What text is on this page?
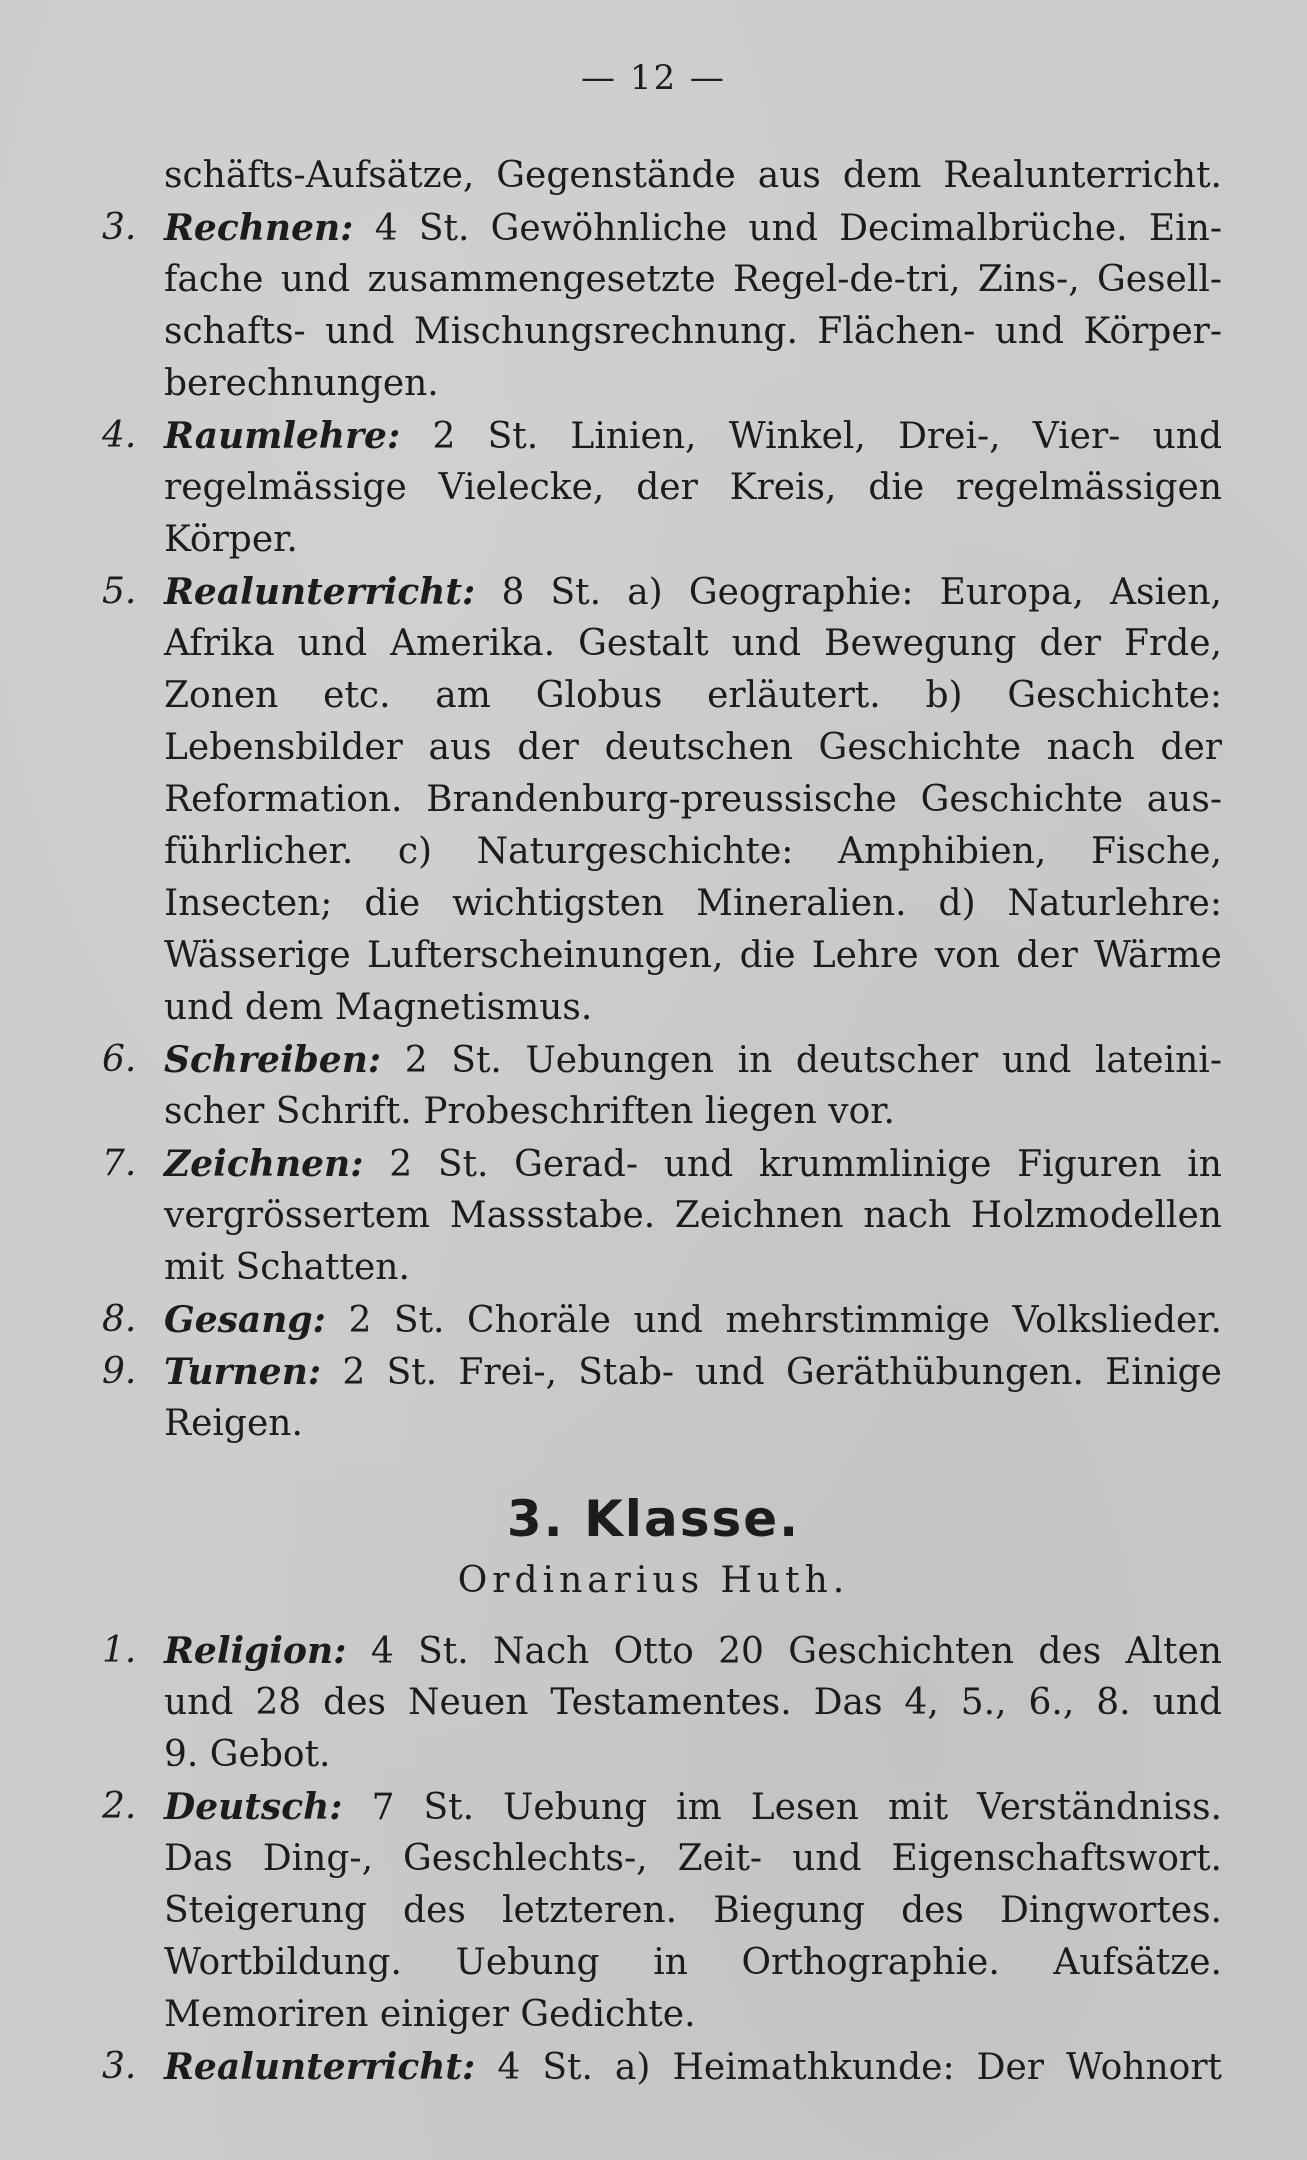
— 12 —
schäfts-Aufsätze, Gegenstände aus dem Realunterricht.
3. Rechnen: 4 St. Gewöhnliche und Decimalbrüche. Ein-
fache und zusammengesetzte Regel-de-tri, Zins-, Gesell-
schafts- und Mischungsrechnung. Flächen- und Körper-
berechnungen.
4. Raumlehre: 2 St. Linien, Winkel, Drei-, Vier- und
regelmässige Vielecke, der Kreis, die regelmässigen
Körper.
5. Realunterricht: 8 St. a) Geographie: Europa, Asien,
Afrika und Amerika. Gestalt und Bewegung der Frde,
Zonen etc. am Globus erläutert. b) Geschichte:
Lebensbilder aus der deutschen Geschichte nach der
Reformation. Brandenburg-preussische Geschichte aus-
führlicher. c) Naturgeschichte: Amphibien, Fische,
Insecten; die wichtigsten Mineralien. d) Naturlehre:
Wässerige Lufterscheinungen, die Lehre von der Wärme
und dem Magnetismus.
6. Schreiben: 2 St. Uebungen in deutscher und lateini-
scher Schrift. Probeschriften liegen vor.
7. Zeichnen: 2 St. Gerad- und krummlinige Figuren in
vergrössertem Massstabe. Zeichnen nach Holzmodellen
mit Schatten.
8. Gesang: 2 St. Choräle und mehrstimmige Volkslieder.
9. Turnen: 2 St. Frei-, Stab- und Geräthübungen. Einige
Reigen.
3. Klasse.
Ordinarius Huth.
1. Religion: 4 St. Nach Otto 20 Geschichten des Alten
und 28 des Neuen Testamentes. Das 4, 5., 6., 8. und
9. Gebot.
2. Deutsch: 7 St. Uebung im Lesen mit Verständniss.
Das Ding-, Geschlechts-, Zeit- und Eigenschaftswort.
Steigerung des letzteren. Biegung des Dingwortes.
Wortbildung. Uebung in Orthographie. Aufsätze.
Memoriren einiger Gedichte.
3. Realunterricht: 4 St. a) Heimathkunde: Der Wohnort
